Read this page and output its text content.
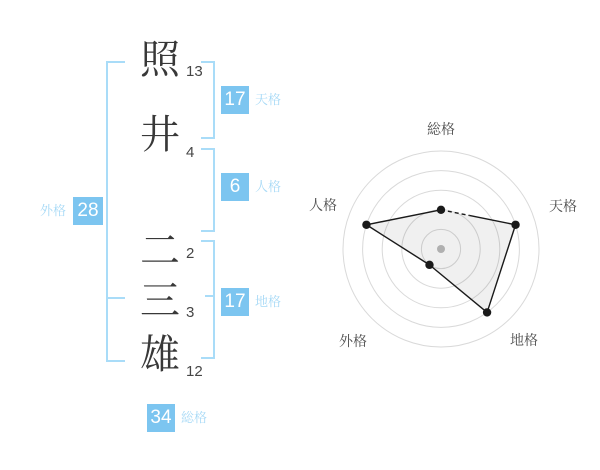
照
井
二
三
雄
13
4
2
3
12
17 天格
6	人格
17 地格
外格 28
34 総格
総格
天格
地格
外格
人格
